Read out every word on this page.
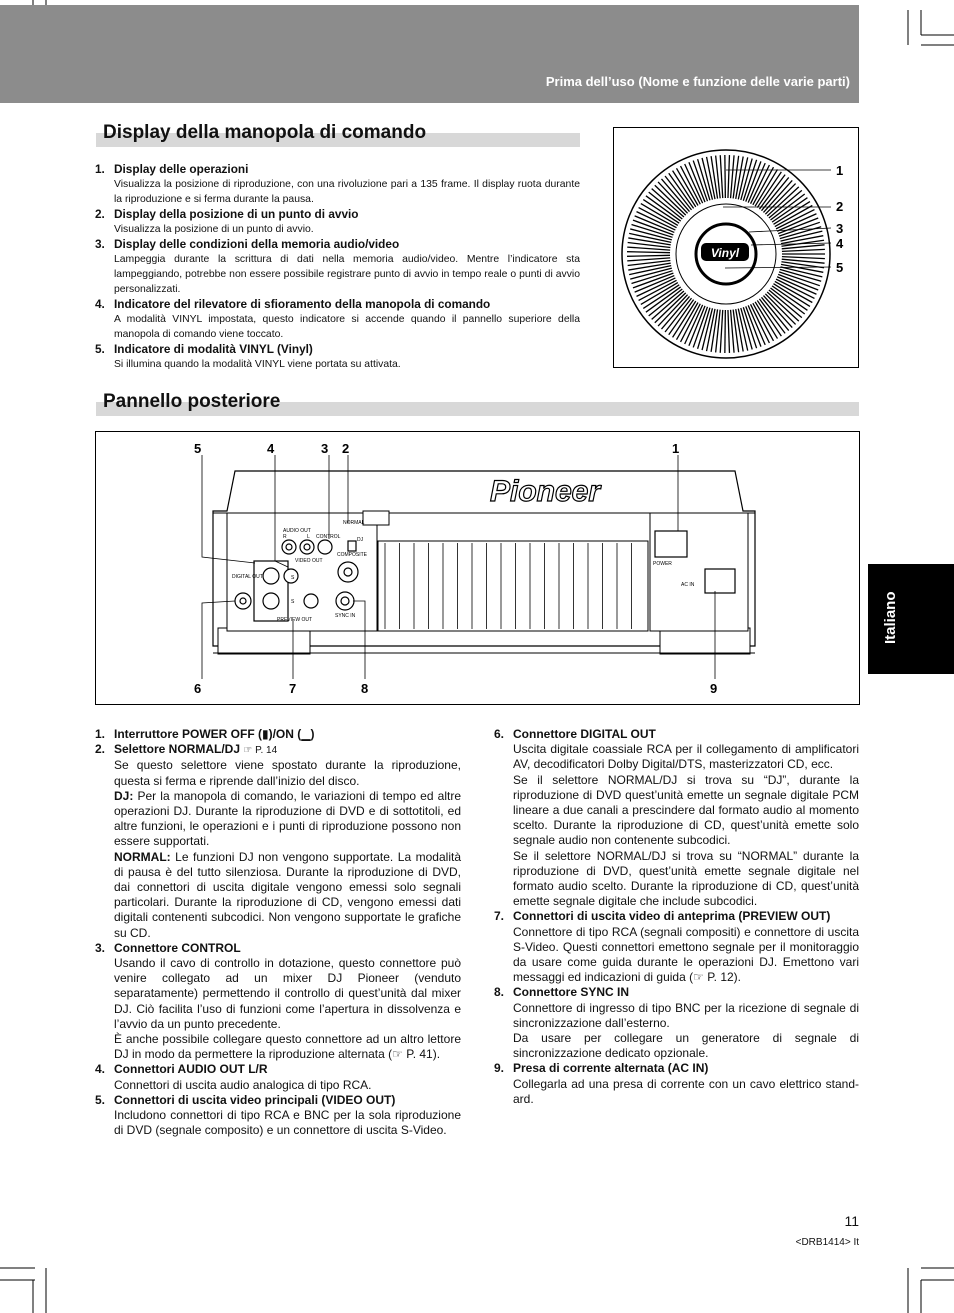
Prima dell’uso (Nome e funzione delle varie parti)
Display della manopola di comando
1. Display delle operazioni
Visualizza la posizione di riproduzione, con una rivoluzione pari a 135 frame. Il display ruota durante la riproduzione e si ferma durante la pausa.
2. Display della posizione di un punto di avvio
Visualizza la posizione di un punto di avvio.
3. Display delle condizioni della memoria audio/video
Lampeggia durante la scrittura di dati nella memoria audio/video. Mentre l’indicatore sta lampeggiando, potrebbe non essere possibile registrare punto di avvio in tempo reale o punti di avvio personalizzati.
4. Indicatore del rilevatore di sfioramento della manopola di comando
A modalità VINYL impostata, questo indicatore si accende quando il pannello superiore della manopola di comando viene toccato.
5. Indicatore di modalità VINYL (Vinyl)
Si illumina quando la modalità VINYL viene portata su attivata.
Vinyl
1
2
3
4
5
Pannello posteriore
Pioneer
AUDIO OUT
R	L CONTROL
NORMAL
DJ
COMPOSITE
VIDEO OUT
DIGITAL OUT	S
S
PREVIEW OUT
SYNC IN
POWER
AC IN
5	4	3 2	1
6	7	8	9
1. Interruttore POWER OFF (▮)/ON (▁)
2. Selettore NORMAL/DJ ☞ P. 14
Se questo selettore viene spostato durante la riproduzione, questa si ferma e riprende dall’inizio del disco.
DJ: Per la manopola di comando, le variazioni di tempo ed altre operazioni DJ. Durante la riproduzione di DVD e di sottotitoli, ed altre funzioni, le operazioni e i punti di riproduzione possono non essere supportati.
NORMAL: Le funzioni DJ non vengono supportate. La modalità di pausa è del tutto silenziosa. Durante la riproduzione di DVD, dai connettori di uscita digitale vengono emessi solo segnali particolari. Durante la riproduzione di CD, vengono emessi dati digitali contenenti subcodici. Non vengono supportate le grafiche su CD.
3. Connettore CONTROL
Usando il cavo di controllo in dotazione, questo connettore può venire collegato ad un mixer DJ Pioneer (venduto separatamente) permettendo il controllo di quest’unità dal mixer DJ. Ciò facilita l’uso di funzioni come l’apertura in dissolvenza e l’avvio da un punto precedente.
È anche possibile collegare questo connettore ad un altro lettore DJ in modo da permettere la riproduzione alternata (☞ P. 41).
4. Connettori AUDIO OUT L/R
Connettori di uscita audio analogica di tipo RCA.
5. Connettori di uscita video principali (VIDEO OUT)
Includono connettori di tipo RCA e BNC per la sola riproduzione di DVD (segnale composito) e un connettore di uscita S-Video.
6. Connettore DIGITAL OUT
Uscita digitale coassiale RCA per il collegamento di amplificatori AV, decodificatori Dolby Digital/DTS, masterizzatori CD, ecc.
Se il selettore NORMAL/DJ si trova su “DJ”, durante la riproduzione di DVD quest’unità emette un segnale digitale PCM lineare a due canali a prescindere dal formato audio al momento scelto. Durante la riproduzione di CD, quest’unità emette solo segnale audio non contenente subcodici.
Se il selettore NORMAL/DJ si trova su “NORMAL” durante la riproduzione di DVD, quest’unità emette segnale digitale nel formato audio scelto. Durante la riproduzione di CD, quest’unità emette segnale digitale che include subcodici.
7. Connettori di uscita video di anteprima (PREVIEW OUT)
Connettore di tipo RCA (segnali compositi) e connettore di uscita S-Video. Questi connettori emettono segnale per il monitoraggio da usare come guida durante le operazioni DJ. Emettono vari messaggi ed indicazioni di guida (☞ P. 12).
8. Connettore SYNC IN
Connettore di ingresso di tipo BNC per la ricezione di segnale di sincronizzazione dall’esterno.
Da usare per collegare un generatore di segnale di sincronizzazione dedicato opzionale.
9. Presa di corrente alternata (AC IN)
Collegarla ad una presa di corrente con un cavo elettrico stand-ard.
Italiano
11
<DRB1414> It
